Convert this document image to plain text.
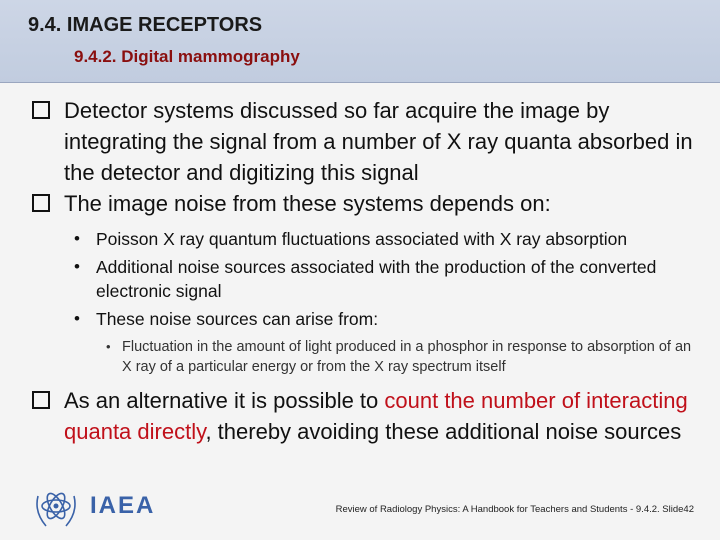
9.4. IMAGE RECEPTORS
9.4.2. Digital mammography
Detector systems discussed so far acquire the image by integrating the signal from a number of X ray quanta absorbed in the detector and digitizing this signal
The image noise from these systems depends on:
• Poisson X ray quantum fluctuations associated with X ray absorption
• Additional noise sources associated with the production of the converted electronic signal
• These noise sources can arise from:
• Fluctuation in the amount of light produced in a phosphor in response to absorption of an X ray of a particular energy or from the X ray spectrum itself
As an alternative it is possible to count the number of interacting quanta directly, thereby avoiding these additional noise sources
IAEA	Review of Radiology Physics: A Handbook for Teachers and Students - 9.4.2. Slide42
